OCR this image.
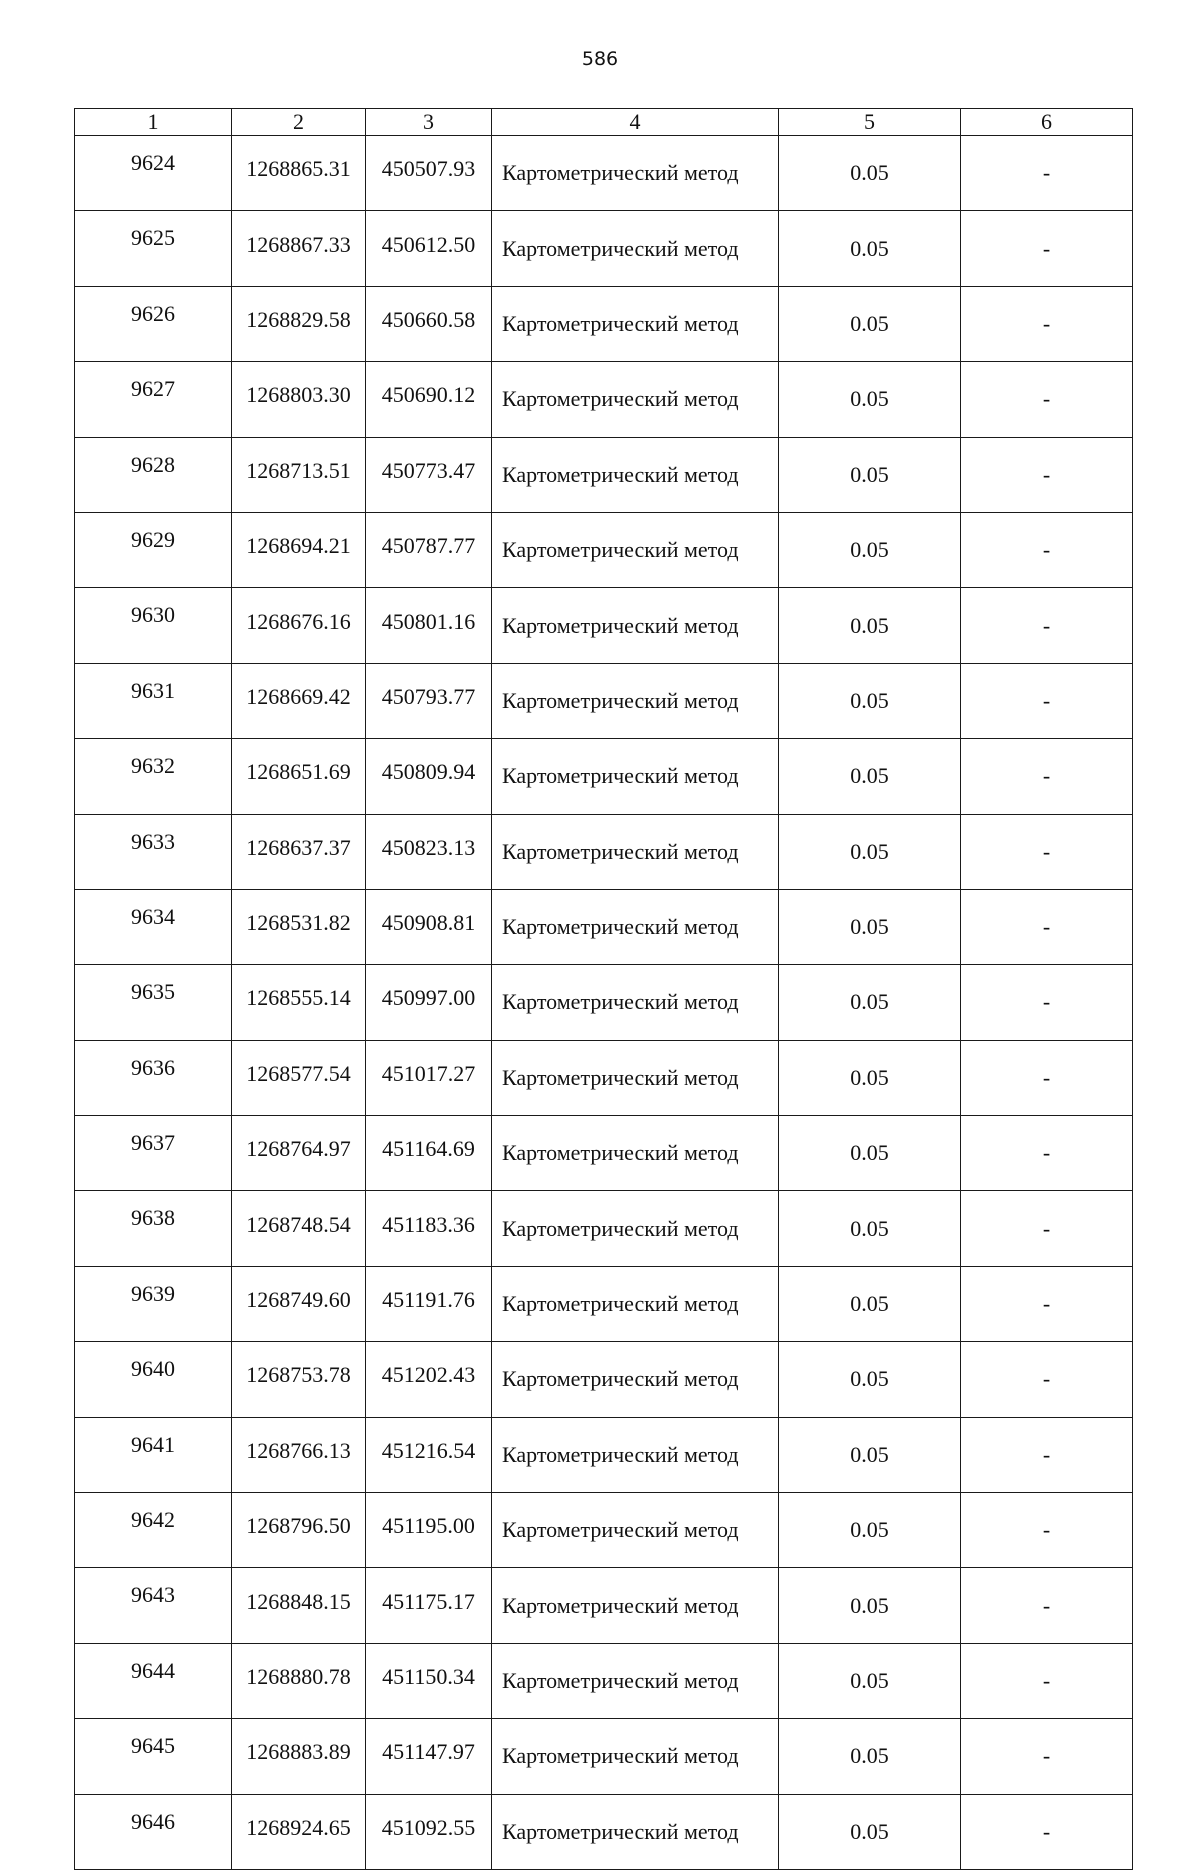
586
1	2	3	4	5	6
9624	1268865.31	450507.93	Картометрический метод	0.05	-
9625	1268867.33	450612.50	Картометрический метод	0.05	-
9626	1268829.58	450660.58	Картометрический метод	0.05	-
9627	1268803.30	450690.12	Картометрический метод	0.05	-
9628	1268713.51	450773.47	Картометрический метод	0.05	-
9629	1268694.21	450787.77	Картометрический метод	0.05	-
9630	1268676.16	450801.16	Картометрический метод	0.05	-
9631	1268669.42	450793.77	Картометрический метод	0.05	-
9632	1268651.69	450809.94	Картометрический метод	0.05	-
9633	1268637.37	450823.13	Картометрический метод	0.05	-
9634	1268531.82	450908.81	Картометрический метод	0.05	-
9635	1268555.14	450997.00	Картометрический метод	0.05	-
9636	1268577.54	451017.27	Картометрический метод	0.05	-
9637	1268764.97	451164.69	Картометрический метод	0.05	-
9638	1268748.54	451183.36	Картометрический метод	0.05	-
9639	1268749.60	451191.76	Картометрический метод	0.05	-
9640	1268753.78	451202.43	Картометрический метод	0.05	-
9641	1268766.13	451216.54	Картометрический метод	0.05	-
9642	1268796.50	451195.00	Картометрический метод	0.05	-
9643	1268848.15	451175.17	Картометрический метод	0.05	-
9644	1268880.78	451150.34	Картометрический метод	0.05	-
9645	1268883.89	451147.97	Картометрический метод	0.05	-
9646	1268924.65	451092.55	Картометрический метод	0.05	-
